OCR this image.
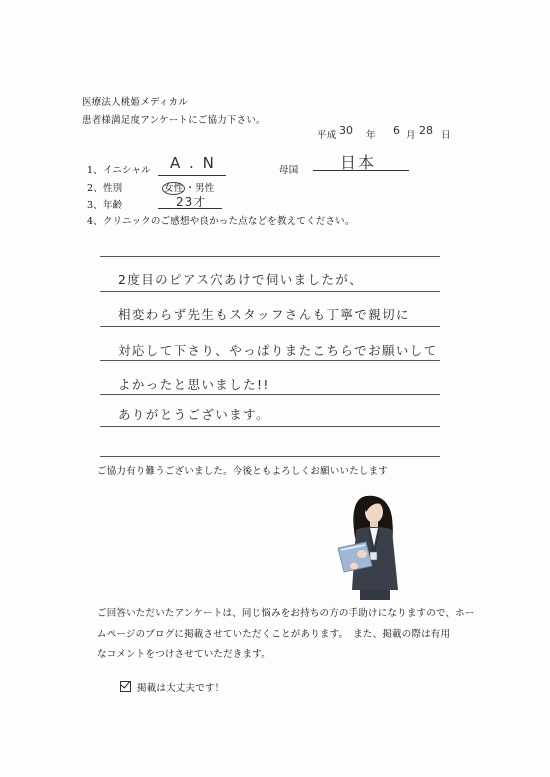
医療法人桃姫メディカル
患者様満足度アンケートにご協力下さい。
平成 30 年 6 月 28 日
1、イニシャル A . N	母国	日本
2、性別	女性 ・男性
3、年齢	23才
4、クリニックのご感想や良かった点などを教えてください。
2度目のピアス穴あけで伺いましたが、
相変わらず先生もスタッフさんも丁寧で親切に
対応して下さり、やっぱりまたこちらでお願いして
よかったと思いました!!
ありがとうございます。
ご協力有り難うございました。今後ともよろしくお願いいたします
ご回答いただいたアンケートは、同じ悩みをお持ちの方の手助けになりますので、ホー
ムページのブログに掲載させていただくことがあります。　また、掲載の際は有用
なコメントをつけさせていただきます。
掲載は大丈夫です！
